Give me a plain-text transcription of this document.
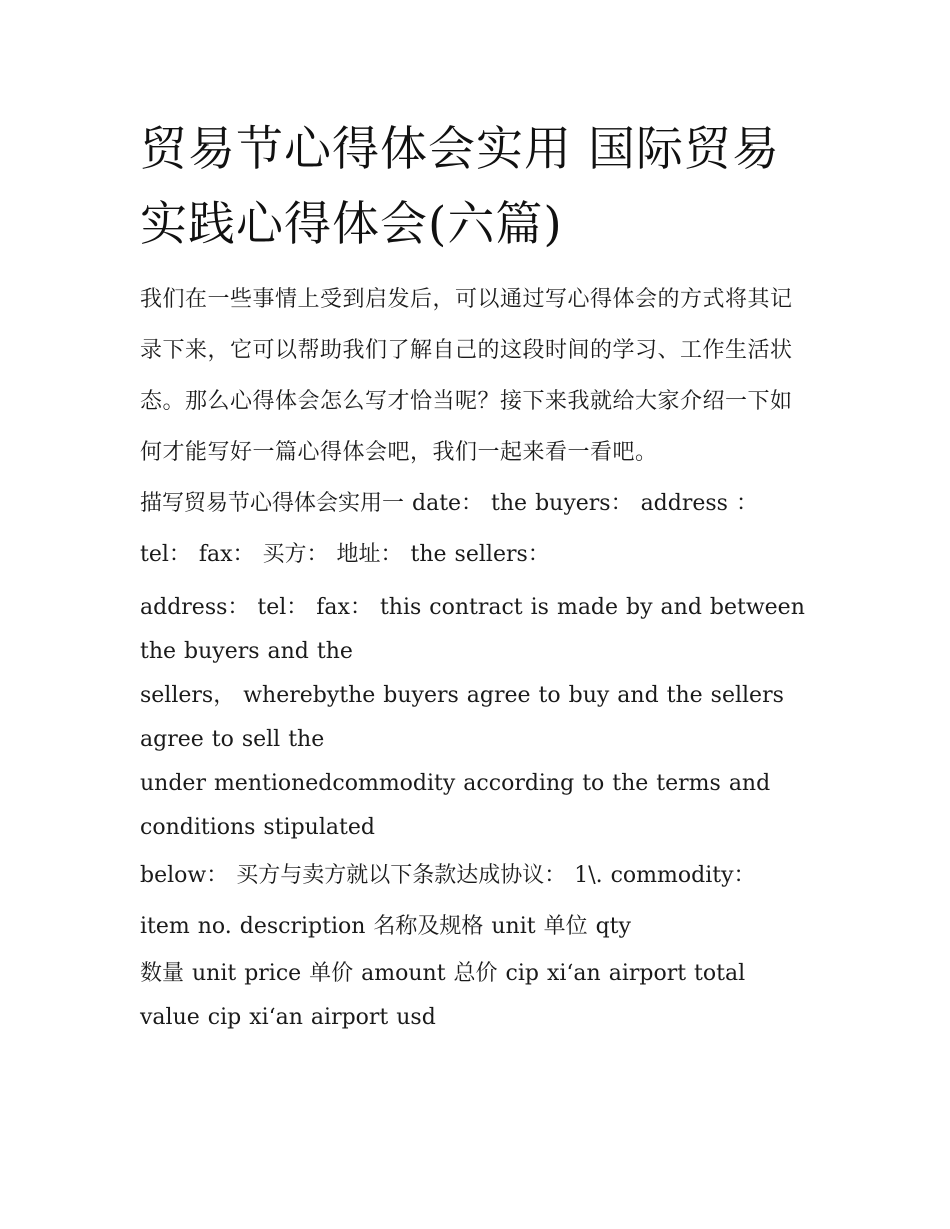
贸易节心得体会实用 国际贸易实践心得体会(六篇)

我们在一些事情上受到启发后，可以通过写心得体会的方式将其记录下来，它可以帮助我们了解自己的这段时间的学习、工作生活状态。那么心得体会怎么写才恰当呢？接下来我就给大家介绍一下如何才能写好一篇心得体会吧，我们一起来看一看吧。

描写贸易节心得体会实用一 date： the buyers： address ：

tel： fax： 买方： 地址： the sellers：

address： tel： fax： this contract is made by and between the buyers and the

sellers， wherebythe buyers agree to buy and the sellers agree to sell the

under mentionedcommodity according to the terms and conditions stipulated

below： 买方与卖方就以下条款达成协议： 1\. commodity：

item no. description 名称及规格 unit 单位 qty

数量 unit price 单价 amount 总价 cip xi‘an airport total value cip xi‘an airport usd
